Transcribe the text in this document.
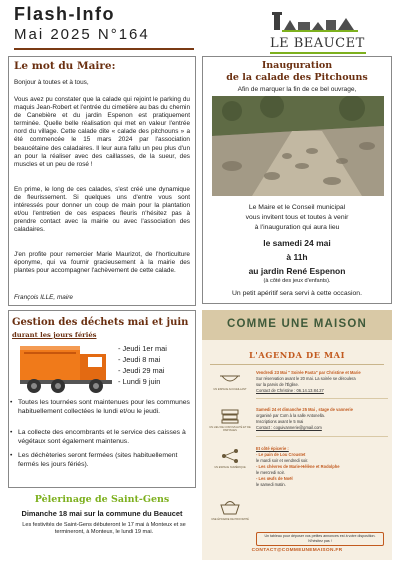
Flash-Info
Mai 2025 N°164
LE BEAUCET
Le mot du Maire:
Bonjour à toutes et à tous,
Vous avez pu constater que la calade qui rejoint le parking du maquis Jean-Robert et l'entrée du cimetière au bas du chemin de Canebière et du jardin Espenon est pratiquement terminée. Quelle belle réalisation qui met en valeur l'entrée nord du village. Cette calade dite « calade des pitchouns » a été commencée le 15 mars 2024 par l'association beaucétaine des caladaires. Il leur aura fallu un peu plus d'un an pour la réaliser avec des caillasses, de la sueur, des muscles et un peu de rosé !
En prime, le long de ces calades, s'est créé une dynamique de fleurissement. Si quelques uns d'entre vous sont intéressés pour donner un coup de main pour la plantation et/ou l'entretien de ces espaces fleuris n'hésitez pas à prendre contact avec la mairie ou avec l'association des caladaires.
J'en profite pour remercier Marie Maurizot, de l'horticulture éponyme, qui va fournir gracieusement à la mairie des plantes pour accompagner l'achèvement de cette calade.
François ILLE, maire
Inauguration
de la calade des Pitchouns
Afin de marquer la fin de ce bel ouvrage,
Le Maire et le Conseil municipal
vous invitent tous et toutes à venir
à l'inauguration qui aura lieu
le samedi 24 mai
à 11h
au jardin René Espenon
(à côté des jeux d'enfants).
Un petit apéritif sera servi à cette occasion.
Gestion des déchets mai et juin
durant les jours fériés
- Jeudi 1er mai
- Jeudi 8 mai
- Jeudi 29 mai
- Lundi 9 juin
• Toutes les tournées sont maintenues pour les communes habituellement collectées le lundi et/ou le jeudi.
• La collecte des encombrants et le service des caisses à végétaux sont également maintenus.
• Les déchèteries seront fermées (sites habituellement fermés les jours fériés).
Pèlerinage de Saint-Gens
Dimanche 18 mai sur la commune du Beaucet
Les festivités de Saint-Gens débuteront le 17 mai à Monteux et se termineront, à Monteux, le lundi 19 mai.
COMME UNE MAISON
L'AGENDA DE MAI
UN ESPACE ACCUEILLANT
Vendredi 23 Mai " Soirée Pasta" par Christine et Marie
Sur réservation avant le 20 mai. La soirée se déroulera
sur la parvis de l'Église.
Contact de Christine : 06.14.13.84.27
UN LIEU DE CONVIVIALITÉ ET DE PARTAGES
Samedi 24 et dimanche 25 Mai , stage de vannerie
organisé par Coïn à la salle Antonella.
Inscriptions avant le 5 mai
Contact : coguivannerie@gmail.com
UN ESPACE NUMÉRIQUE
Et côté épicerie :
- Le pain de Lou Croustet
le mardi soir et vendredi soir.
- Les chèvres de Marie-Hélène et Rodolphe
le mercredi soir.
- Les œufs de Noël
le samedi matin.
UNE ÉPICERIE DE PROXIMITÉ
Un tableau pour déposer vos petites annonces est à votre disposition. N'hésitez pas !
CONTACT@COMMEUNEMAISON.FR
